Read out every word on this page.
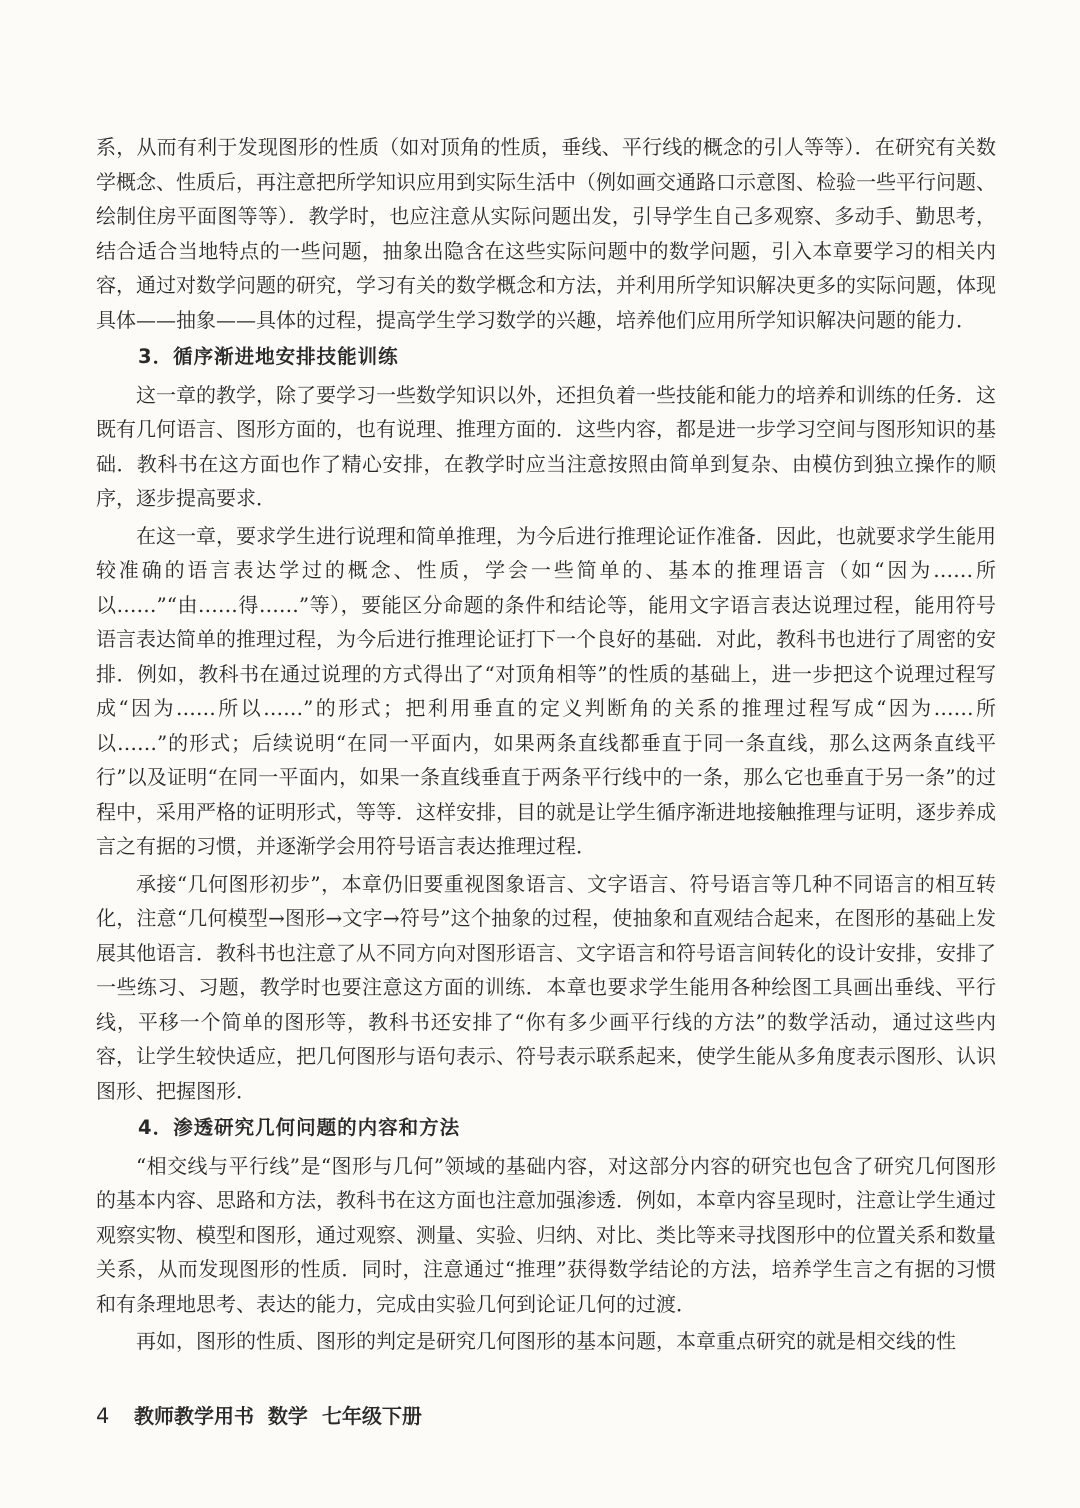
系，从而有利于发现图形的性质（如对顶角的性质，垂线、平行线的概念的引人等等）．在研究有关数学概念、性质后，再注意把所学知识应用到实际生活中（例如画交通路口示意图、检验一些平行问题、绘制住房平面图等等）．教学时，也应注意从实际问题出发，引导学生自己多观察、多动手、勤思考，结合适合当地特点的一些问题，抽象出隐含在这些实际问题中的数学问题，引入本章要学习的相关内容，通过对数学问题的研究，学习有关的数学概念和方法，并利用所学知识解决更多的实际问题，体现具体——抽象——具体的过程，提高学生学习数学的兴趣，培养他们应用所学知识解决问题的能力．

3．循序渐进地安排技能训练

这一章的教学，除了要学习一些数学知识以外，还担负着一些技能和能力的培养和训练的任务．这既有几何语言、图形方面的，也有说理、推理方面的．这些内容，都是进一步学习空间与图形知识的基础．教科书在这方面也作了精心安排，在教学时应当注意按照由简单到复杂、由模仿到独立操作的顺序，逐步提高要求．

在这一章，要求学生进行说理和简单推理，为今后进行推理论证作准备．因此，也就要求学生能用较准确的语言表达学过的概念、性质，学会一些简单的、基本的推理语言（如“因为……所以……”“由……得……”等），要能区分命题的条件和结论等，能用文字语言表达说理过程，能用符号语言表达简单的推理过程，为今后进行推理论证打下一个良好的基础．对此，教科书也进行了周密的安排．例如，教科书在通过说理的方式得出了“对顶角相等”的性质的基础上，进一步把这个说理过程写成“因为……所以……”的形式；把利用垂直的定义判断角的关系的推理过程写成“因为……所以……”的形式；后续说明“在同一平面内，如果两条直线都垂直于同一条直线，那么这两条直线平行”以及证明“在同一平面内，如果一条直线垂直于两条平行线中的一条，那么它也垂直于另一条”的过程中，采用严格的证明形式，等等．这样安排，目的就是让学生循序渐进地接触推理与证明，逐步养成言之有据的习惯，并逐渐学会用符号语言表达推理过程．

承接“几何图形初步”，本章仍旧要重视图象语言、文字语言、符号语言等几种不同语言的相互转化，注意“几何模型→图形→文字→符号”这个抽象的过程，使抽象和直观结合起来，在图形的基础上发展其他语言．教科书也注意了从不同方向对图形语言、文字语言和符号语言间转化的设计安排，安排了一些练习、习题，教学时也要注意这方面的训练．本章也要求学生能用各种绘图工具画出垂线、平行线，平移一个简单的图形等，教科书还安排了“你有多少画平行线的方法”的数学活动，通过这些内容，让学生较快适应，把几何图形与语句表示、符号表示联系起来，使学生能从多角度表示图形、认识图形、把握图形．

4．渗透研究几何问题的内容和方法

“相交线与平行线”是“图形与几何”领域的基础内容，对这部分内容的研究也包含了研究几何图形的基本内容、思路和方法，教科书在这方面也注意加强渗透．例如，本章内容呈现时，注意让学生通过观察实物、模型和图形，通过观察、测量、实验、归纳、对比、类比等来寻找图形中的位置关系和数量关系，从而发现图形的性质．同时，注意通过“推理”获得数学结论的方法，培养学生言之有据的习惯和有条理地思考、表达的能力，完成由实验几何到论证几何的过渡．

再如，图形的性质、图形的判定是研究几何图形的基本问题，本章重点研究的就是相交线的性

4 教师教学用书  数学  七年级下册
